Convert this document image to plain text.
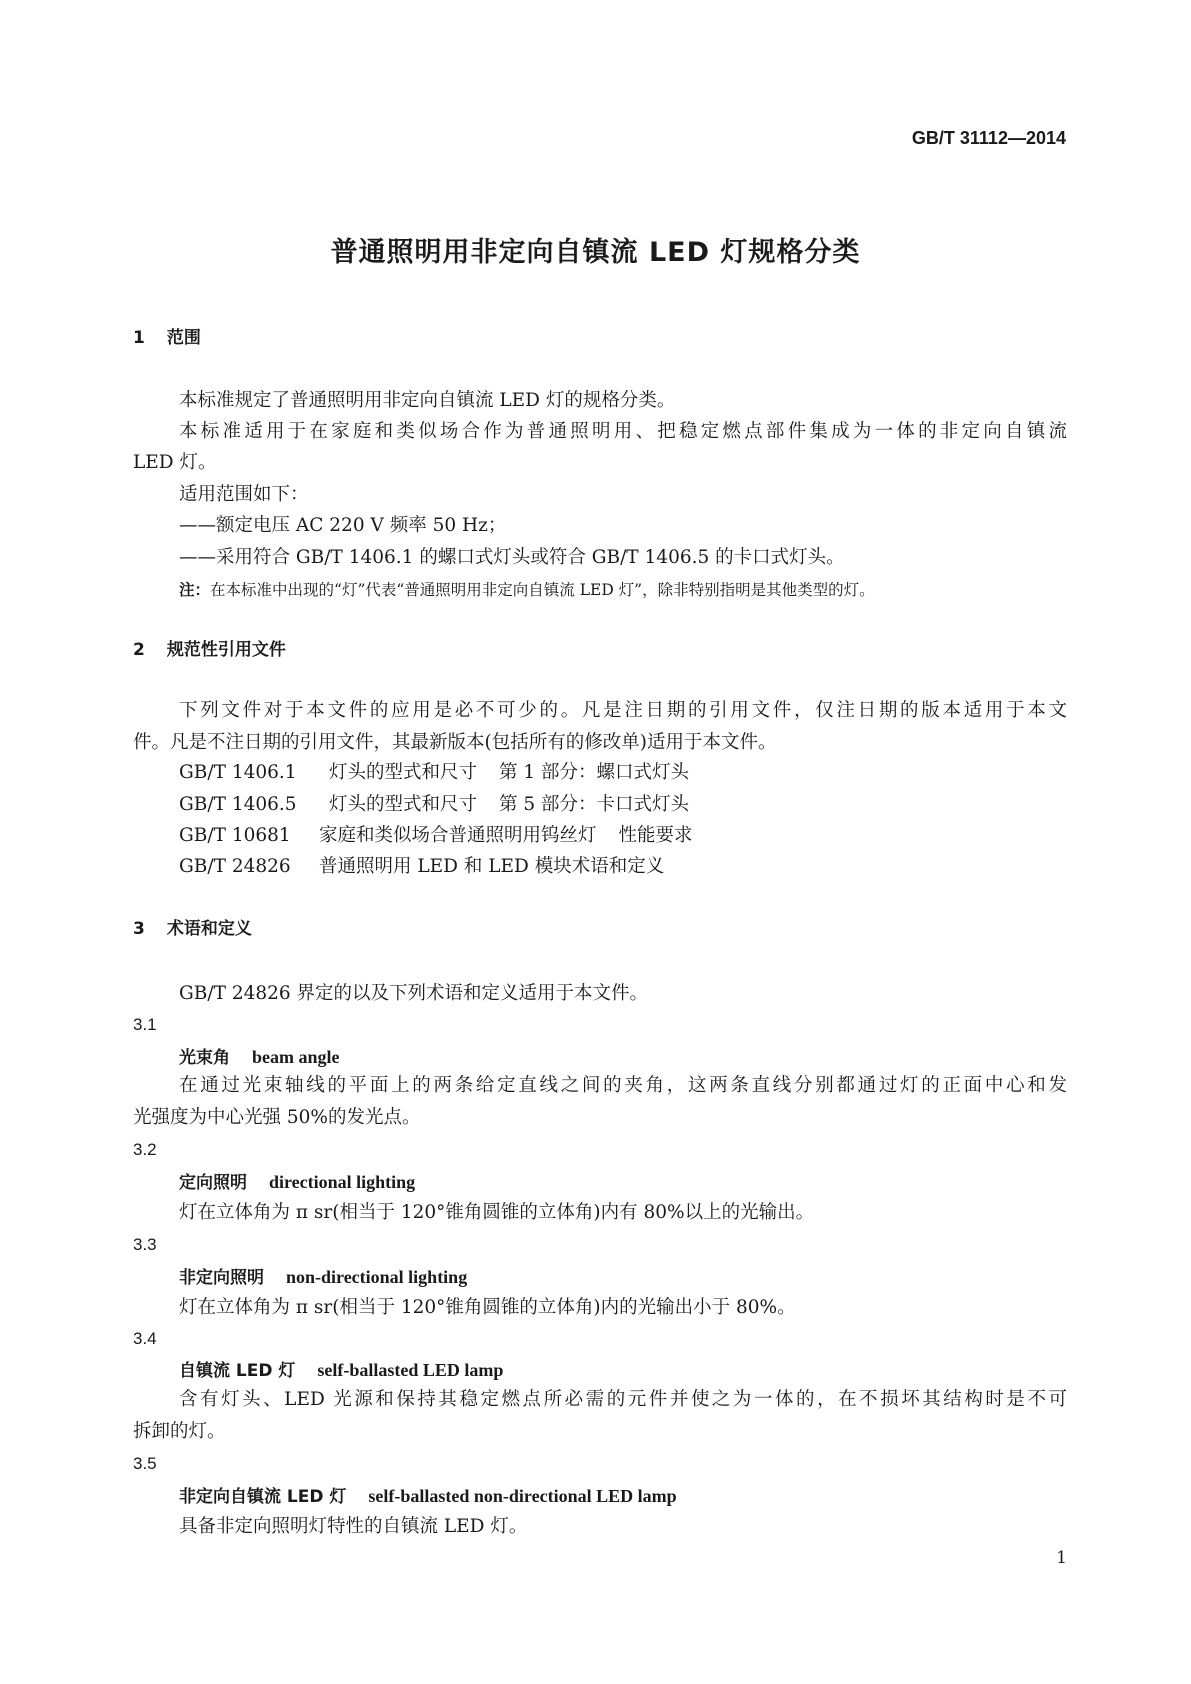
GB/T 31112—2014
普通照明用非定向自镇流 LED 灯规格分类
1 范围
本标准规定了普通照明用非定向自镇流 LED 灯的规格分类。
本标准适用于在家庭和类似场合作为普通照明用、把稳定燃点部件集成为一体的非定向自镇流
LED 灯。
适用范围如下：
——额定电压 AC 220 V 频率 50 Hz；
——采用符合 GB/T 1406.1 的螺口式灯头或符合 GB/T 1406.5 的卡口式灯头。
注：在本标准中出现的“灯”代表“普通照明用非定向自镇流 LED 灯”，除非特别指明是其他类型的灯。
2 规范性引用文件
下列文件对于本文件的应用是必不可少的。凡是注日期的引用文件，仅注日期的版本适用于本文
件。凡是不注日期的引用文件，其最新版本(包括所有的修改单)适用于本文件。
GB/T 1406.1 灯头的型式和尺寸 第 1 部分：螺口式灯头
GB/T 1406.5 灯头的型式和尺寸 第 5 部分：卡口式灯头
GB/T 10681 家庭和类似场合普通照明用钨丝灯 性能要求
GB/T 24826 普通照明用 LED 和 LED 模块术语和定义
3 术语和定义
GB/T 24826 界定的以及下列术语和定义适用于本文件。
3.1
光束角 beam angle
在通过光束轴线的平面上的两条给定直线之间的夹角，这两条直线分别都通过灯的正面中心和发
光强度为中心光强 50%的发光点。
3.2
定向照明 directional lighting
灯在立体角为 π sr(相当于 120°锥角圆锥的立体角)内有 80%以上的光输出。
3.3
非定向照明 non-directional lighting
灯在立体角为 π sr(相当于 120°锥角圆锥的立体角)内的光输出小于 80%。
3.4
自镇流 LED 灯 self-ballasted LED lamp
含有灯头、LED 光源和保持其稳定燃点所必需的元件并使之为一体的，在不损坏其结构时是不可
拆卸的灯。
3.5
非定向自镇流 LED 灯 self-ballasted non-directional LED lamp
具备非定向照明灯特性的自镇流 LED 灯。
1
